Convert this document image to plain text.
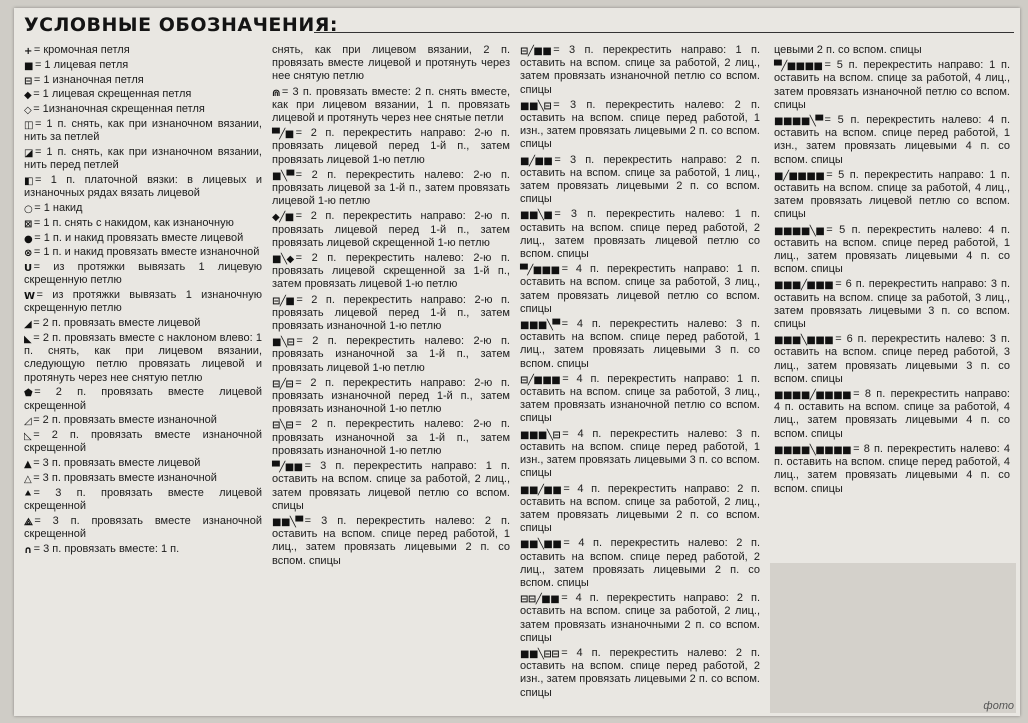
УСЛОВНЫЕ ОБОЗНАЧЕНИЯ:
+ = кромочная петля
■ = 1 лицевая петля
⊟ = 1 изнаночная петля
◆ = 1 лицевая скрещенная петля
◇ = 1изнаночная скрещенная петля
◫ = 1 п. снять, как при изнаночном вязании, нить за петлей
◪ = 1 п. снять, как при изнаночном вязании, нить перед петлей
◧ = 1 п. платочной вязки: в лицевых и изнаночных рядах вязать лицевой
○ = 1 накид
⊠ = 1 п. снять с накидом, как изнаночную
● = 1 п. и накид провязать вместе лицевой
⊗ = 1 п. и накид провязать вместе изнаночной
U = из протяжки вывязать 1 лицевую скрещенную петлю
W = из протяжки вывязать 1 изнаночную скрещенную петлю
◢ = 2 п. провязать вместе лицевой
◣ = 2 п. провязать вместе с наклоном влево: 1 п. снять, как при лицевом вязании, следующую петлю провязать лицевой и протянуть через нее снятую петлю
⬟ = 2 п. провязать вместе лицевой скрещенной
◿ = 2 п. провязать вместе изнаночной
◺ = 2 п. провязать вместе изнаночной скрещенной
▲ = 3 п. провязать вместе лицевой
△ = 3 п. провязать вместе изнаночной
⯅ = 3 п. провязать вместе лицевой скрещенной
⟁ = 3 п. провязать вместе изнаночной скрещенной
∩ = 3 п. провязать вместе: 1 п.
снять, как при лицевом вязании, 2 п. провязать вместе лицевой и протянуть через нее снятую петлю
⋒ = 3 п. провязать вместе: 2 п. снять вместе, как при лицевом вязании, 1 п. провязать лицевой и протянуть через нее снятые петли
▀╱■ = 2 п. перекрестить направо: 2-ю п. провязать лицевой перед 1-й п., затем провязать лицевой 1-ю петлю
■╲▀ = 2 п. перекрестить налево: 2-ю п. провязать лицевой за 1-й п., затем провязать лицевой 1-ю петлю
◆╱■ = 2 п. перекрестить направо: 2-ю п. провязать лицевой перед 1-й п., затем провязать лицевой скрещенной 1-ю петлю
■╲◆ = 2 п. перекрестить налево: 2-ю п. провязать лицевой скрещенной за 1-й п., затем провязать лицевой 1-ю петлю
⊟╱■ = 2 п. перекрестить направо: 2-ю п. провязать лицевой перед 1-й п., затем провязать изнаночной 1-ю петлю
■╲⊟ = 2 п. перекрестить налево: 2-ю п. провязать изнаночной за 1-й п., затем провязать лицевой 1-ю петлю
⊟╱⊟ = 2 п. перекрестить направо: 2-ю п. провязать изнаночной перед 1-й п., затем провязать изнаночной 1-ю петлю
⊟╲⊟ = 2 п. перекрестить налево: 2-ю п. провязать изнаночной за 1-й п., затем провязать изнаночной 1-ю петлю
▀╱■■ = 3 п. перекрестить направо: 1 п. оставить на вспом. спице за работой, 2 лиц., затем провязать лицевой петлю со вспом. спицы
■■╲▀ = 3 п. перекрестить налево: 2 п. оставить на вспом. спице перед работой, 1 лиц., затем провязать лицевыми 2 п. со вспом. спицы
⊟╱■■ = 3 п. перекрестить направо: 1 п. оставить на вспом. спице за работой, 2 лиц., затем провязать изнаночной петлю со вспом. спицы
■■╲⊟ = 3 п. перекрестить налево: 2 п. оставить на вспом. спице перед работой, 1 изн., затем провязать лицевыми 2 п. со вспом. спицы
■╱■■ = 3 п. перекрестить направо: 2 п. оставить на вспом. спице за работой, 1 лиц., затем провязать лицевыми 2 п. со вспом. спицы
■■╲■ = 3 п. перекрестить налево: 1 п. оставить на вспом. спице перед работой, 2 лиц., затем провязать лицевой петлю со вспом. спицы
▀╱■■■ = 4 п. перекрестить направо: 1 п. оставить на вспом. спице за работой, 3 лиц., затем провязать лицевой петлю со вспом. спицы
■■■╲▀ = 4 п. перекрестить налево: 3 п. оставить на вспом. спице перед работой, 1 лиц., затем провязать лицевыми 3 п. со вспом. спицы
⊟╱■■■ = 4 п. перекрестить направо: 1 п. оставить на вспом. спице за работой, 3 лиц., затем провязать изнаночной петлю со вспом. спицы
■■■╲⊟ = 4 п. перекрестить налево: 3 п. оставить на вспом. спице перед работой, 1 изн., затем провязать лицевыми 3 п. со вспом. спицы
■■╱■■ = 4 п. перекрестить направо: 2 п. оставить на вспом. спице за работой, 2 лиц., затем провязать лицевыми 2 п. со вспом. спицы
■■╲■■ = 4 п. перекрестить налево: 2 п. оставить на вспом. спице перед работой, 2 лиц., затем провязать лицевыми 2 п. со вспом. спицы
⊟⊟╱■■ = 4 п. перекрестить направо: 2 п. оставить на вспом. спице за работой, 2 лиц., затем провязать изнаночными 2 п. со вспом. спицы
■■╲⊟⊟ = 4 п. перекрестить налево: 2 п. оставить на вспом. спице перед работой, 2 изн., затем провязать лицевыми 2 п. со вспом. спицы
цевыми 2 п. со вспом. спицы
▀╱■■■■ = 5 п. перекрестить направо: 1 п. оставить на вспом. спице за работой, 4 лиц., затем провязать изнаночной петлю со вспом. спицы
■■■■╲▀ = 5 п. перекрестить налево: 4 п. оставить на вспом. спице перед работой, 1 изн., затем провязать лицевыми 4 п. со вспом. спицы
■╱■■■■ = 5 п. перекрестить направо: 1 п. оставить на вспом. спице за работой, 4 лиц., затем провязать лицевой петлю со вспом. спицы
■■■■╲■ = 5 п. перекрестить налево: 4 п. оставить на вспом. спице перед работой, 1 лиц., затем провязать лицевыми 4 п. со вспом. спицы
■■■╱■■■ = 6 п. перекрестить направо: 3 п. оставить на вспом. спице за работой, 3 лиц., затем провязать лицевыми 3 п. со вспом. спицы
■■■╲■■■ = 6 п. перекрестить налево: 3 п. оставить на вспом. спице перед работой, 3 лиц., затем провязать лицевыми 3 п. со вспом. спицы
■■■■╱■■■■ = 8 п. перекрестить направо: 4 п. оставить на вспом. спице за работой, 4 лиц., затем провязать лицевыми 4 п. со вспом. спицы
■■■■╲■■■■ = 8 п. перекрестить налево: 4 п. оставить на вспом. спице перед работой, 4 лиц., затем провязать лицевыми 4 п. со вспом. спицы
фото
